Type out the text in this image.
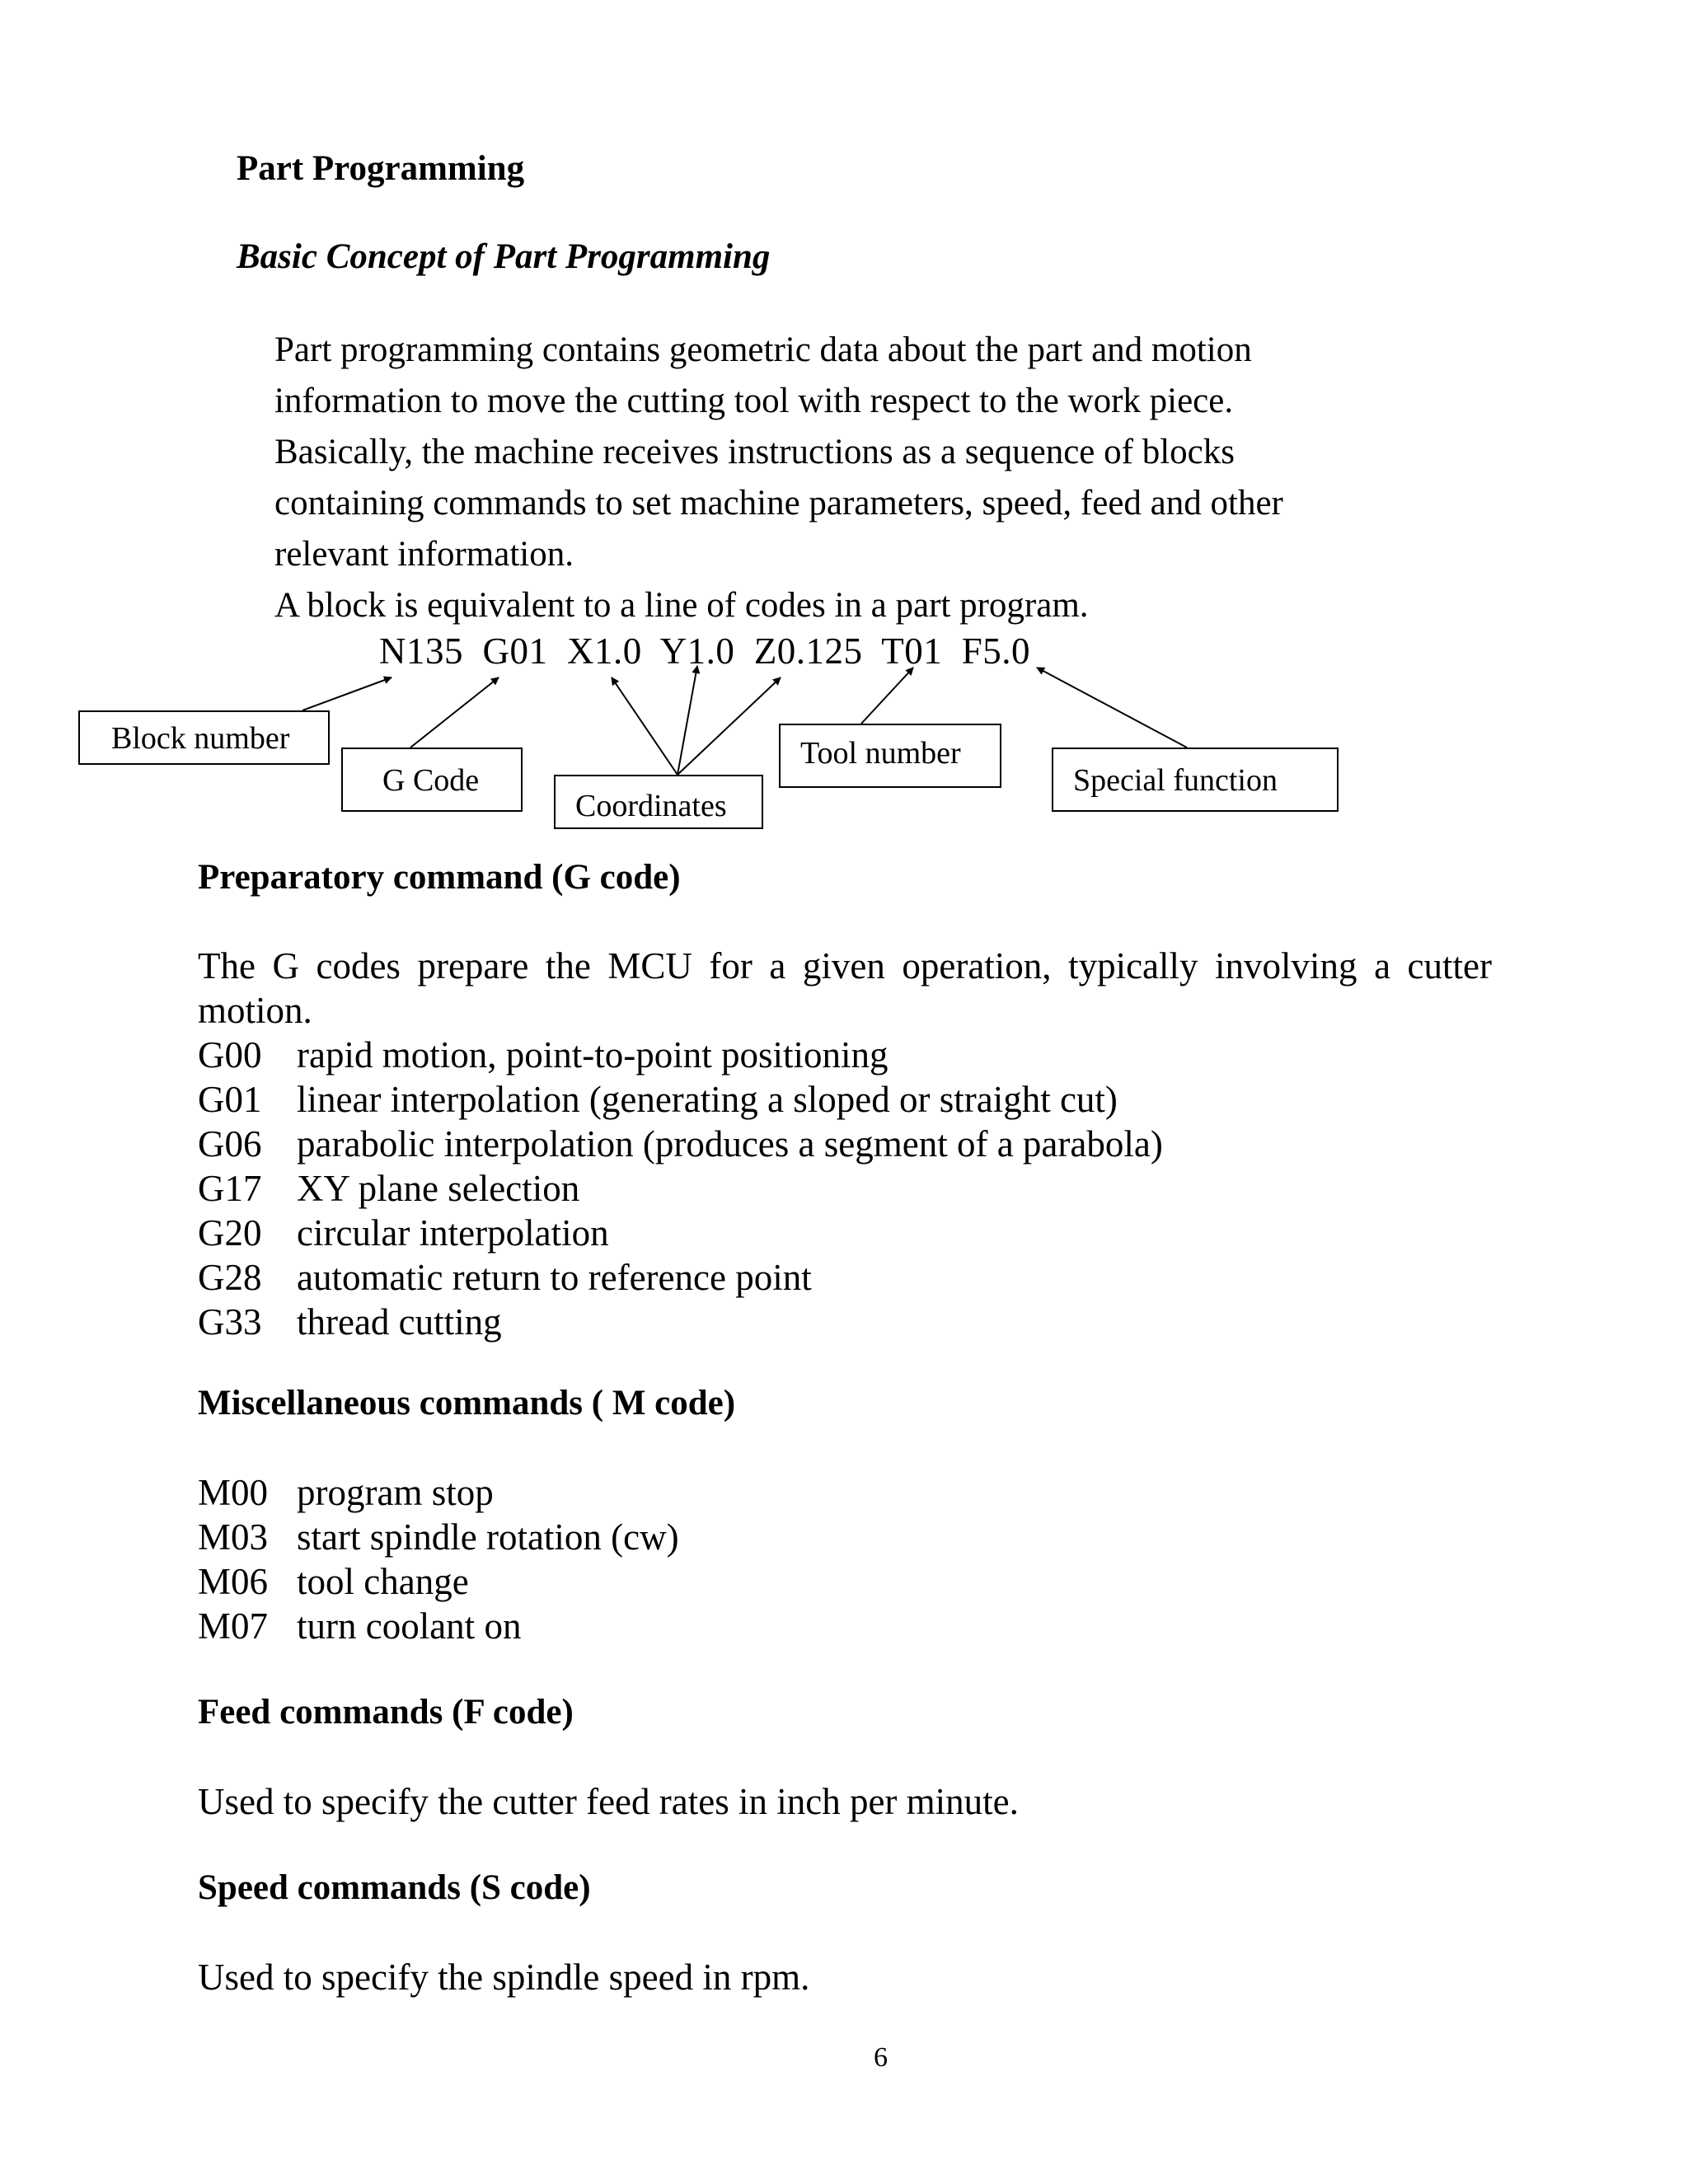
Part Programming
Basic Concept of Part Programming
Part programming contains geometric data about the part and motion
information to move the cutting tool with respect to the work piece.
Basically, the machine receives instructions as a sequence of blocks
containing commands to set machine parameters, speed, feed and other
relevant information.
A block is equivalent to a line of codes in a part program.
N135  G01  X1.0  Y1.0  Z0.125  T01  F5.0
Block number
G Code
Coordinates
Tool number
Special function
Preparatory command (G code)
The G codes prepare the MCU for a given operation, typically involving a cutter
motion.
G00 rapid motion, point-to-point positioning
G01 linear interpolation (generating a sloped or straight cut)
G06 parabolic interpolation (produces a segment of a parabola)
G17 XY plane selection
G20 circular interpolation
G28 automatic return to reference point
G33 thread cutting
Miscellaneous commands ( M code)
M00 program stop
M03 start spindle rotation (cw)
M06 tool change
M07 turn coolant on
Feed commands (F code)
Used to specify the cutter feed rates in inch per minute.
Speed commands (S code)
Used to specify the spindle speed in rpm.
6
